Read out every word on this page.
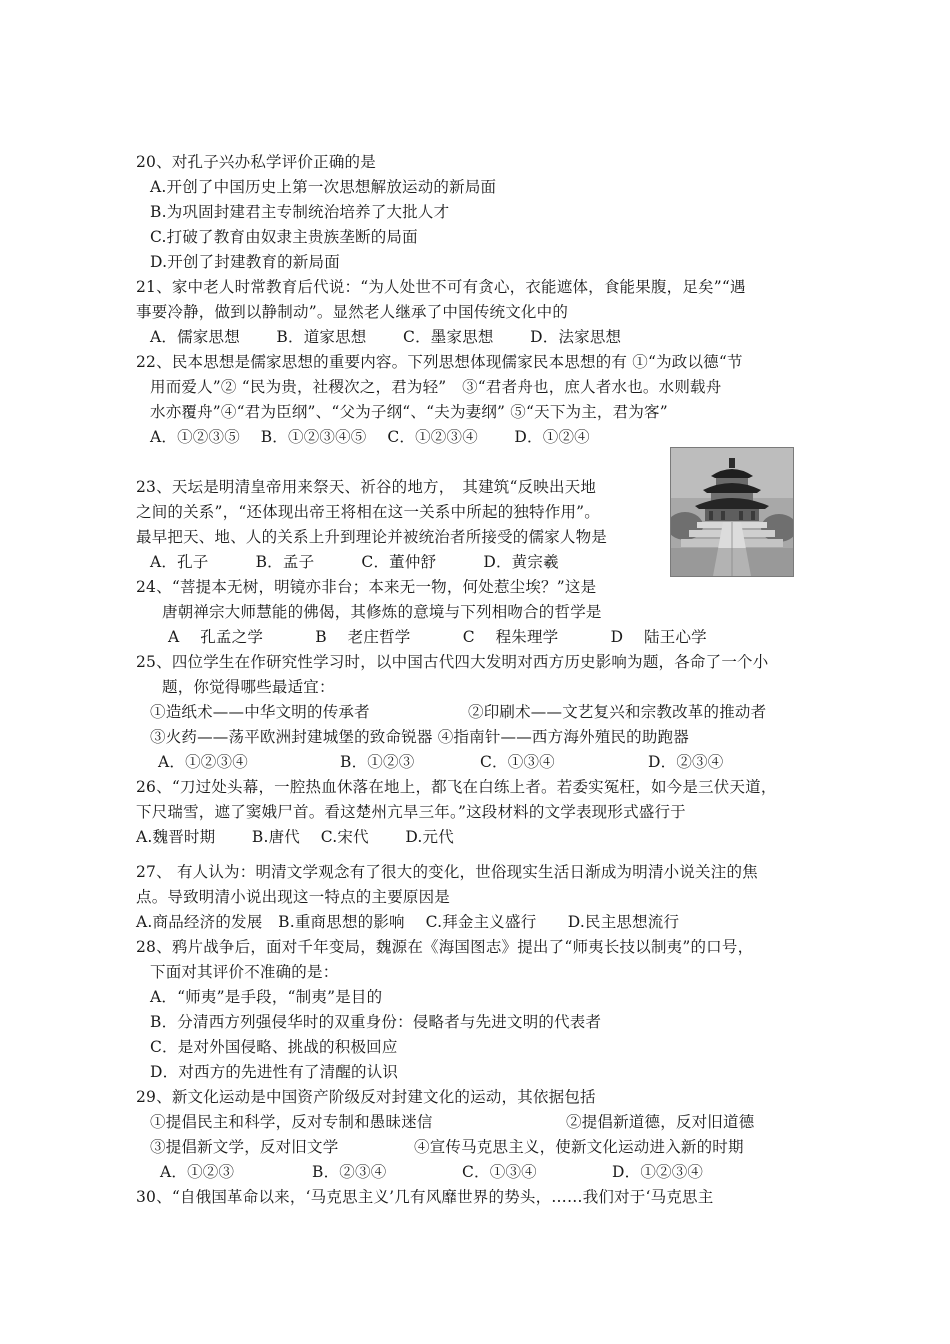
20、对孔子兴办私学评价正确的是
A.开创了中国历史上第一次思想解放运动的新局面
B.为巩固封建君主专制统治培养了大批人才
C.打破了教育由奴隶主贵族垄断的局面
D.开创了封建教育的新局面
21、家中老人时常教育后代说：“为人处世不可有贪心，衣能遮体，食能果腹，足矣”“遇
事要冷静，做到以静制动”。显然老人继承了中国传统文化中的
A．儒家思想　　 B．道家思想　　 C．墨家思想　　 D．法家思想
22、民本思想是儒家思想的重要内容。下列思想体现儒家民本思想的有 ①“为政以德“节
用而爱人”② “民为贵，社稷次之，君为轻”　③“君者舟也，庶人者水也。水则载舟
水亦覆舟”④“君为臣纲”、“父为子纲“、“夫为妻纲” ⑤“天下为主，君为客”
A．①②③⑤　 B．①②③④⑤　 C．①②③④　　 D．①②④
23、天坛是明清皇帝用来祭天、祈谷的地方，　其建筑“反映出天地
之间的关系”，“还体现出帝王将相在这一关系中所起的独特作用”。
最早把天、地、人的关系上升到理论并被统治者所接受的儒家人物是
A．孔子　　　B．孟子　　　C．董仲舒　　　D．黄宗羲
24、“菩提本无树，明镜亦非台；本来无一物，何处惹尘埃？”这是
唐朝禅宗大师慧能的佛偈，其修炼的意境与下列相吻合的哲学是
A　 孔孟之学　　　 B　 老庄哲学　　　 C　 程朱理学　　　 D　 陆王心学
25、四位学生在作研究性学习时，以中国古代四大发明对西方历史影响为题，各命了一个小
题，你觉得哪些最适宜：
①造纸术——中华文明的传承者	②印刷术——文艺复兴和宗教改革的推动者
③火药——荡平欧洲封建城堡的致命锐器 ④指南针——西方海外殖民的助跑器
A．①②③④	B．①②③	C．①③④	D．②③④
26、“刀过处头幕，一腔热血休落在地上，都飞在白练上者。若委实冤枉，如今是三伏天道，
下尺瑞雪，遮了窦娥尸首。看这楚州亢旱三年。”这段材料的文学表现形式盛行于
A.魏晋时期　　 B.唐代　 C.宋代　　 D.元代
27、 有人认为：明清文学观念有了很大的变化，世俗现实生活日渐成为明清小说关注的焦
点。导致明清小说出现这一特点的主要原因是
A.商品经济的发展　B.重商思想的影响　 C.拜金主义盛行　　D.民主思想流行
28、鸦片战争后，面对千年变局，魏源在《海国图志》提出了“师夷长技以制夷”的口号，
下面对其评价不准确的是：
A．“师夷”是手段，“制夷”是目的
B．分清西方列强侵华时的双重身份：侵略者与先进文明的代表者
C．是对外国侵略、挑战的积极回应
D．对西方的先进性有了清醒的认识
29、新文化运动是中国资产阶级反对封建文化的运动，其依据包括
①提倡民主和科学，反对专制和愚昧迷信	②提倡新道德，反对旧道德
③提倡新文学，反对旧文学	④宣传马克思主义，使新文化运动进入新的时期
A．①②③	B．②③④	C．①③④	D．①②③④
30、“自俄国革命以来，‘马克思主义’几有风靡世界的势头，……我们对于‘马克思主
